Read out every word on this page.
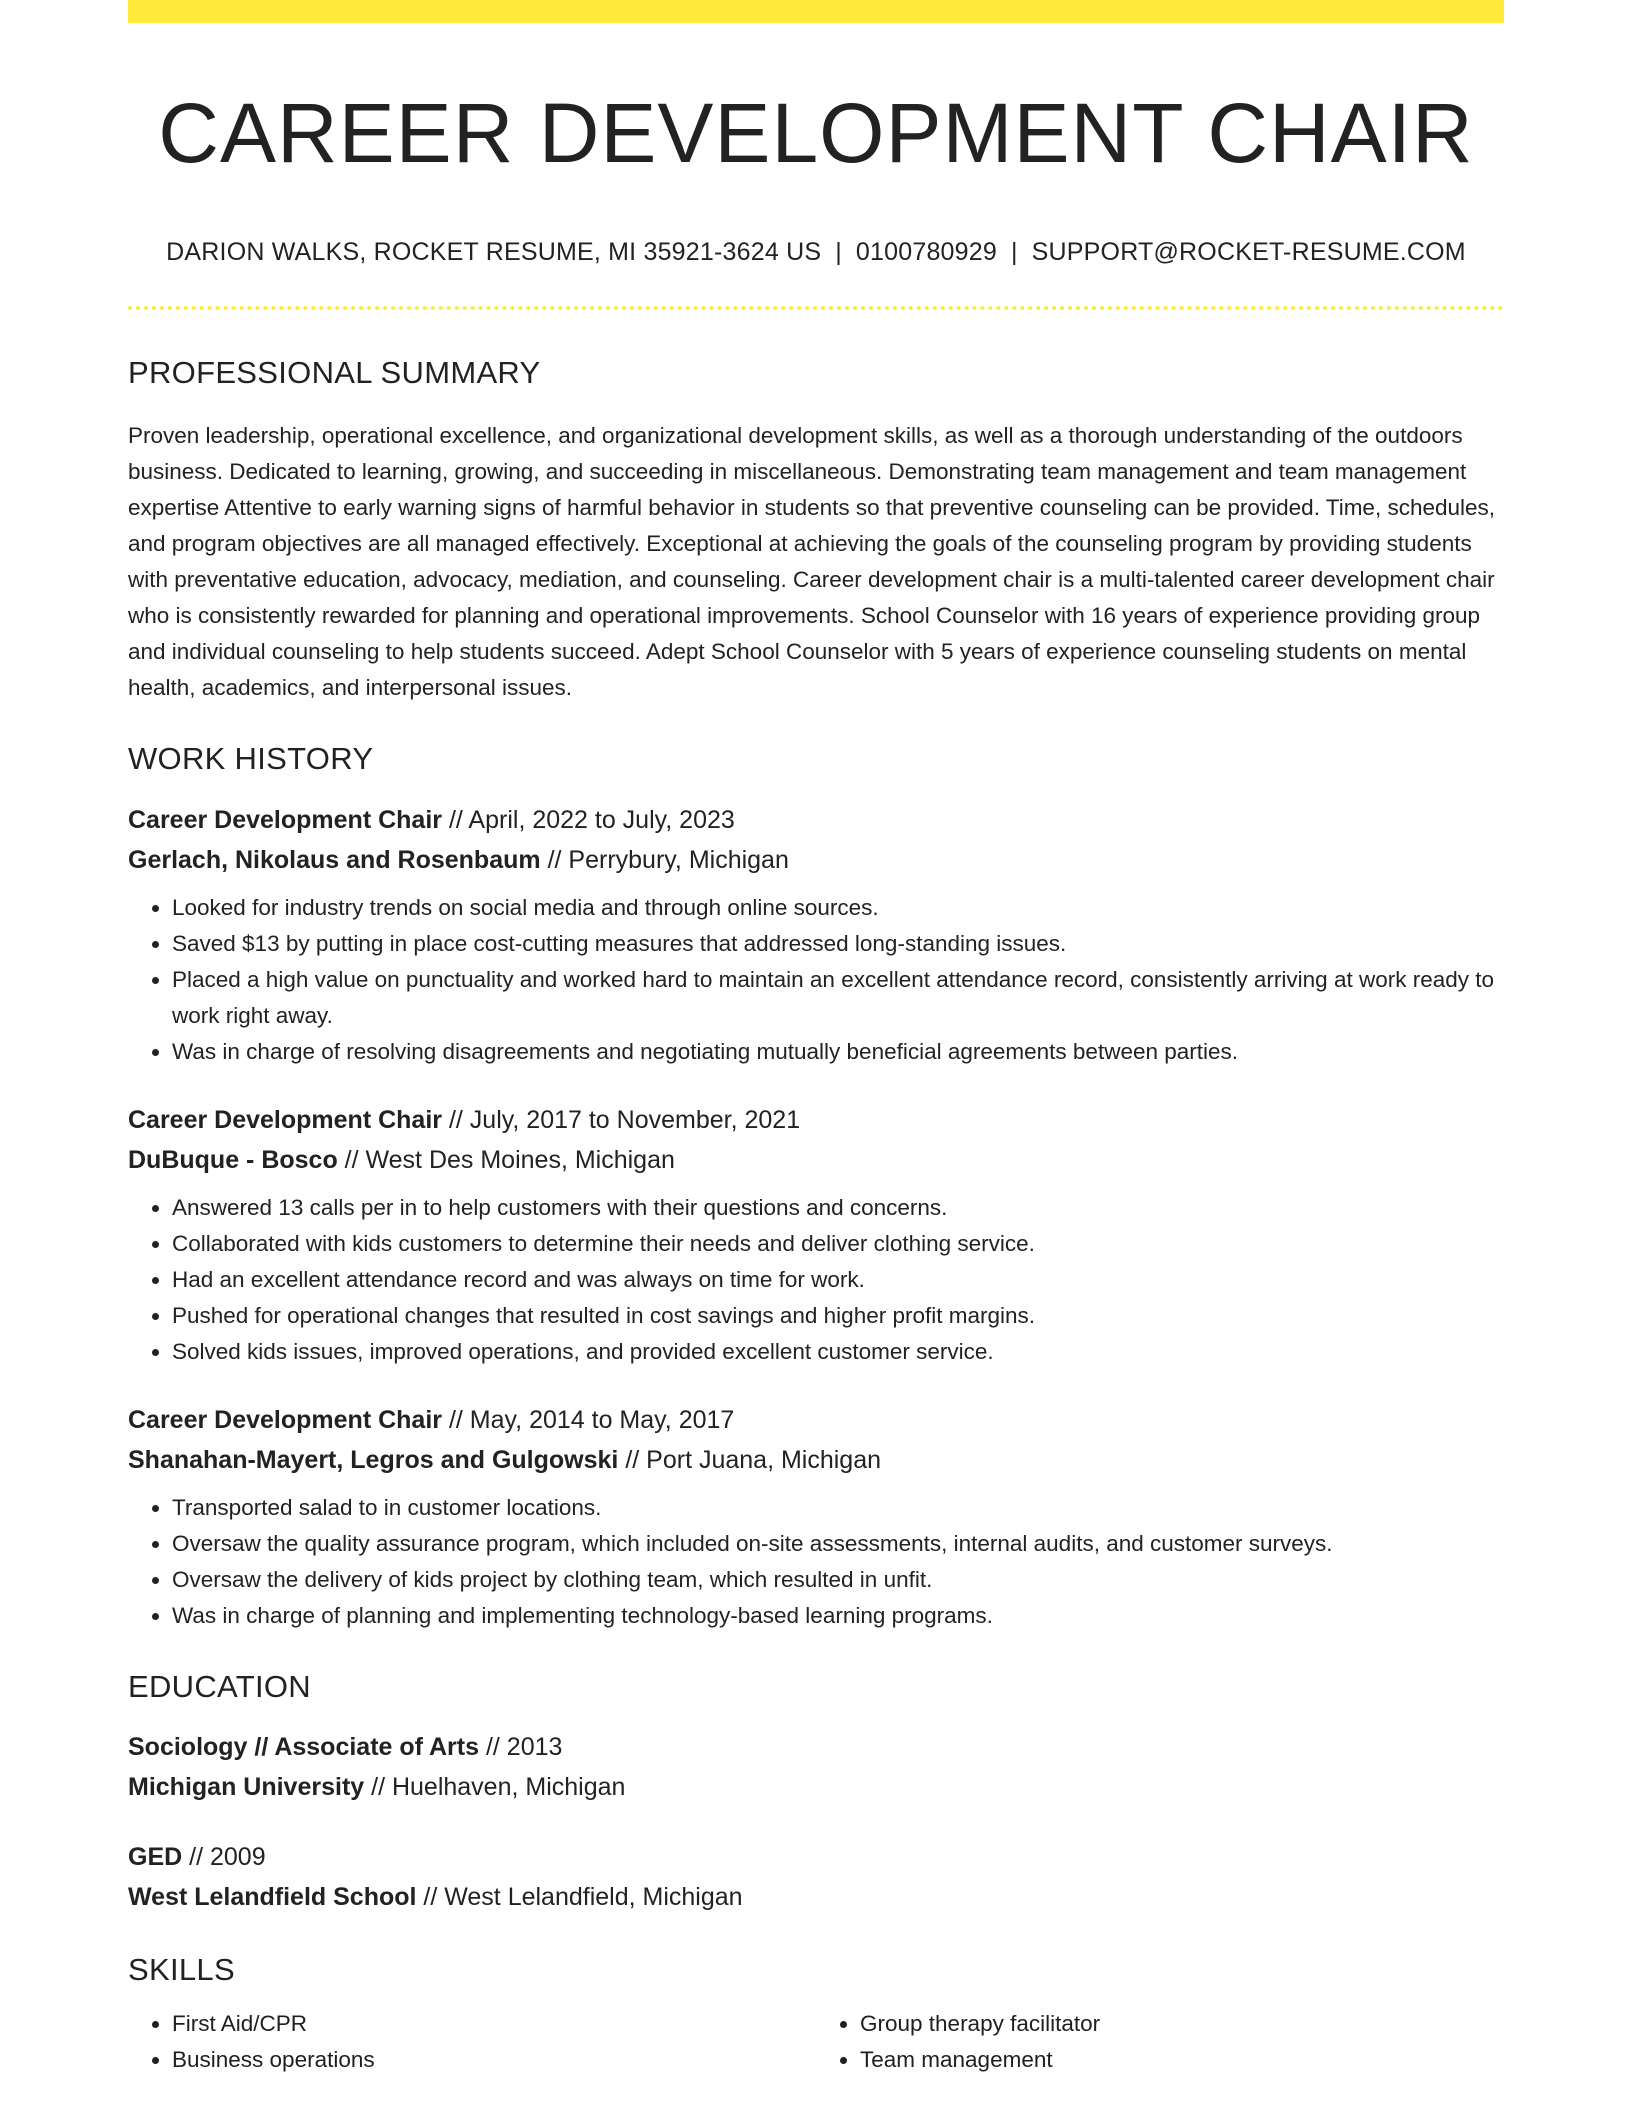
CAREER DEVELOPMENT CHAIR
DARION WALKS, ROCKET RESUME, MI 35921-3624 US | 0100780929 | SUPPORT@ROCKET-RESUME.COM
PROFESSIONAL SUMMARY

Proven leadership, operational excellence, and organizational development skills, as well as a thorough understanding of the outdoors business. Dedicated to learning, growing, and succeeding in miscellaneous. Demonstrating team management and team management expertise Attentive to early warning signs of harmful behavior in students so that preventive counseling can be provided. Time, schedules, and program objectives are all managed effectively. Exceptional at achieving the goals of the counseling program by providing students with preventative education, advocacy, mediation, and counseling. Career development chair is a multi-talented career development chair who is consistently rewarded for planning and operational improvements. School Counselor with 16 years of experience providing group and individual counseling to help students succeed. Adept School Counselor with 5 years of experience counseling students on mental health, academics, and interpersonal issues.

WORK HISTORY
Career Development Chair // April, 2022 to July, 2023
Gerlach, Nikolaus and Rosenbaum // Perrybury, Michigan
• Looked for industry trends on social media and through online sources.
• Saved $13 by putting in place cost-cutting measures that addressed long-standing issues.
• Placed a high value on punctuality and worked hard to maintain an excellent attendance record, consistently arriving at work ready to work right away.
• Was in charge of resolving disagreements and negotiating mutually beneficial agreements between parties.
Career Development Chair // July, 2017 to November, 2021
DuBuque - Bosco // West Des Moines, Michigan
• Answered 13 calls per in to help customers with their questions and concerns.
• Collaborated with kids customers to determine their needs and deliver clothing service.
• Had an excellent attendance record and was always on time for work.
• Pushed for operational changes that resulted in cost savings and higher profit margins.
• Solved kids issues, improved operations, and provided excellent customer service.
Career Development Chair // May, 2014 to May, 2017
Shanahan-Mayert, Legros and Gulgowski // Port Juana, Michigan
• Transported salad to in customer locations.
• Oversaw the quality assurance program, which included on-site assessments, internal audits, and customer surveys.
• Oversaw the delivery of kids project by clothing team, which resulted in unfit.
• Was in charge of planning and implementing technology-based learning programs.
EDUCATION
Sociology // Associate of Arts // 2013
Michigan University // Huelhaven, Michigan
GED // 2009
West Lelandfield School // West Lelandfield, Michigan
SKILLS
• First Aid/CPR
• Business operations
• Group therapy facilitator
• Team management
